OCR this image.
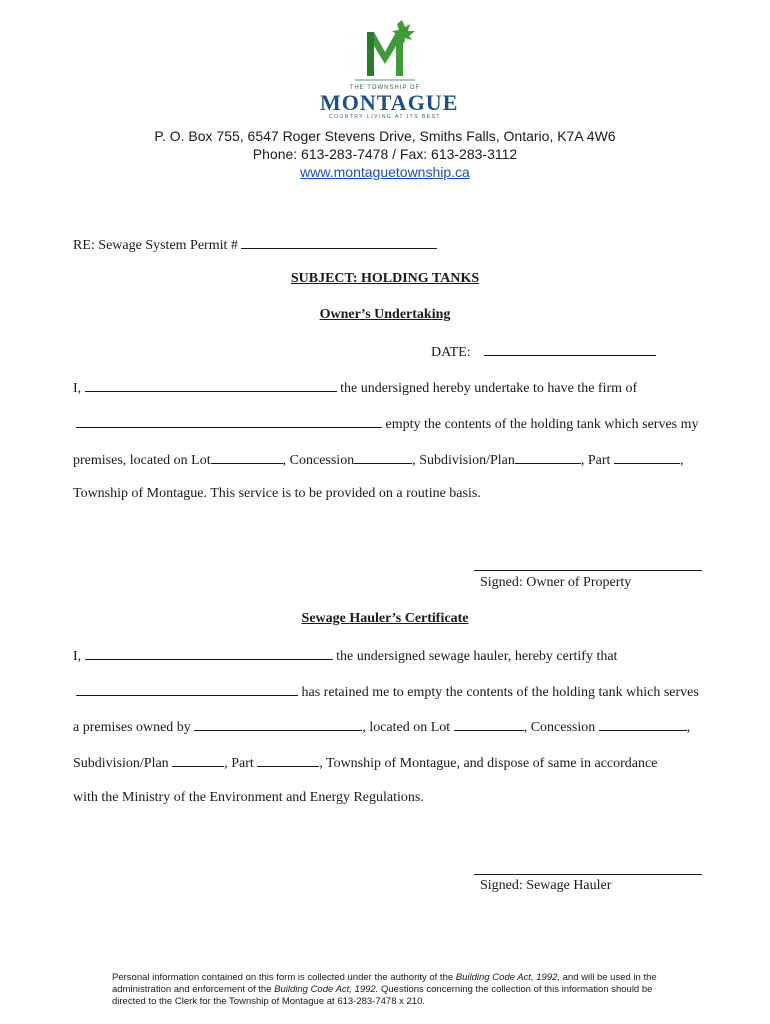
THE TOWNSHIP OF
MONTAGUE
COUNTRY LIVING AT ITS BEST
P. O. Box 755, 6547 Roger Stevens Drive, Smiths Falls, Ontario, K7A 4W6
Phone: 613-283-7478 / Fax: 613-283-3112
www.montaguetownship.ca
RE: Sewage System Permit #
SUBJECT: HOLDING TANKS
Owner’s Undertaking
DATE:
I,	the undersigned hereby undertake to have the firm of
empty the contents of the holding tank which serves my
premises, located on Lot	, Concession	, Subdivision/Plan	, Part	,
Township of Montague. This service is to be provided on a routine basis.
Signed: Owner of Property
Sewage Hauler’s Certificate
I,	the undersigned sewage hauler, hereby certify that
has retained me to empty the contents of the holding tank which serves
a premises owned by	, located on Lot	, Concession	,
Subdivision/Plan	, Part	, Township of Montague, and dispose of same in accordance
with the Ministry of the Environment and Energy Regulations.
Signed: Sewage Hauler
Personal information contained on this form is collected under the authority of the Building Code Act, 1992, and will be used in the administration and enforcement of the Building Code Act, 1992. Questions concerning the collection of this information should be directed to the Clerk for the Township of Montague at 613-283-7478 x 210.
